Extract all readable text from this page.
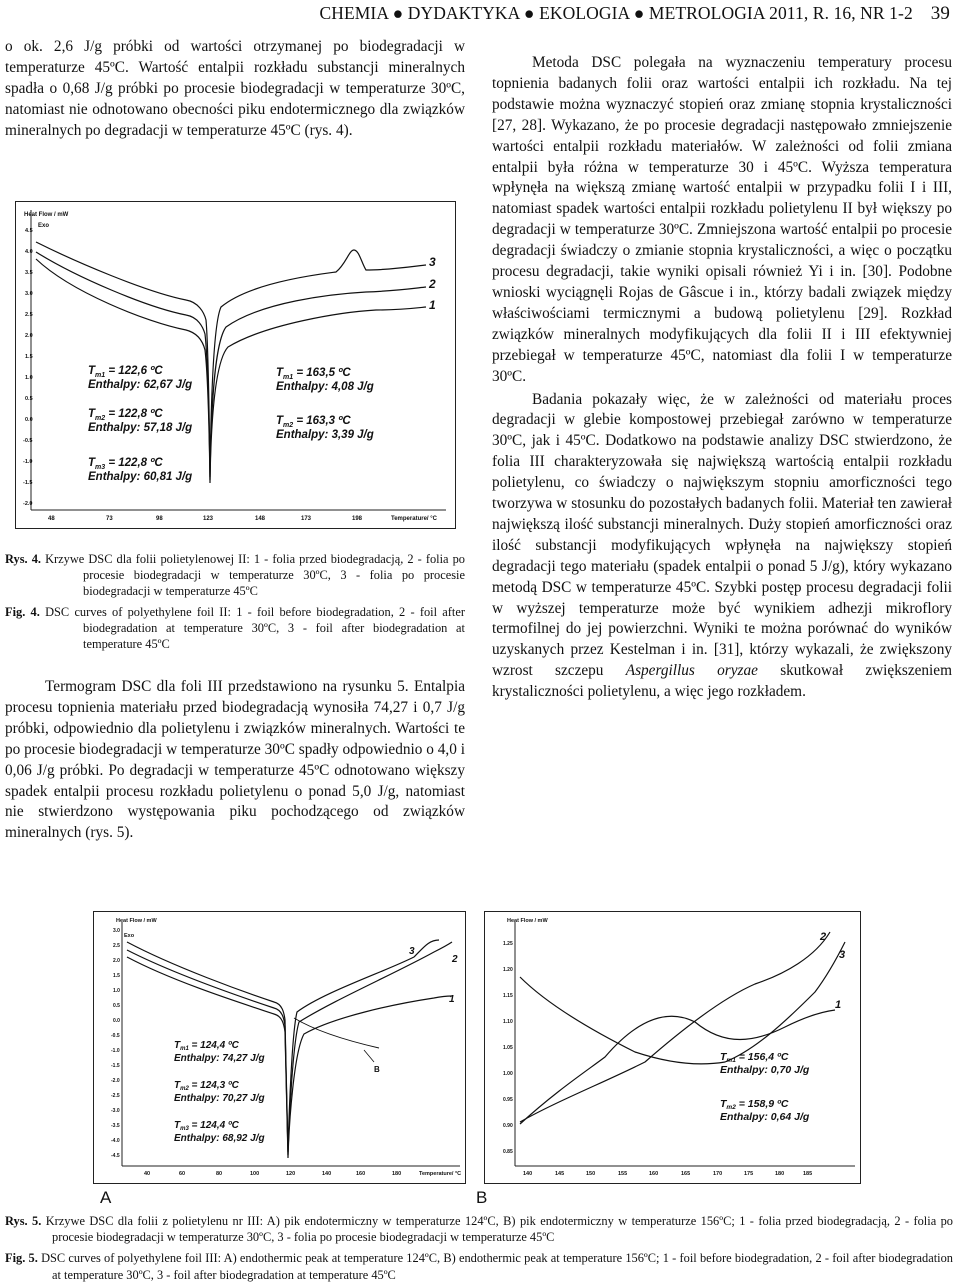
CHEMIA ● DYDAKTYKA ● EKOLOGIA ● METROLOGIA 2011, R. 16, NR 1-2 39

o ok. 2,6 J/g próbki od wartości otrzymanej po biodegradacji w temperaturze 45ºC. Wartość entalpii rozkładu substancji mineralnych spadła o 0,68 J/g próbki po procesie biodegradacji w temperaturze 30ºC, natomiast nie odnotowano obecności piku endotermicznego dla związków mineralnych po degradacji w temperaturze 45ºC (rys. 4).

Heat Flow / mW
Exo
4.5
4.0
3.5
3.0
2.5
2.0
1.5
1.0
0.5
0.0
-0.5
-1.0
-1.5
-2.0
48	73	98	123	148	173	198	Temperature/ °C
3
2
1
$T_{m1} = 122,6$ ºC
Enthalpy: 62,67 J/g
$T_{m2} = 122,8$ ºC
Enthalpy: 57,18 J/g
$T_{m3} = 122,8$ ºC
Enthalpy: 60,81 J/g
$T_{m1} = 163,5$ ºC
Enthalpy: 4,08 J/g
$T_{m2} = 163,3$ ºC
Enthalpy: 3,39 J/g
Rys. 4. Krzywe DSC dla folii polietylenowej II: 1 - folia przed biodegradacją, 2 - folia po procesie biodegradacji w temperaturze 30ºC, 3 - folia po procesie biodegradacji w temperaturze 45ºC
Fig. 4. DSC curves of polyethylene foil II: 1 - foil before biodegradation, 2 - foil after biodegradation at temperature 30ºC, 3 - foil after biodegradation at temperature 45ºC

Termogram DSC dla foli III przedstawiono na rysunku 5. Entalpia procesu topnienia materiału przed biodegradacją wynosiła 74,27 i 0,7 J/g próbki, odpowiednio dla polietylenu i związków mineralnych. Wartości te po procesie biodegradacji w temperaturze 30ºC spadły odpowiednio o 4,0 i 0,06 J/g próbki. Po degradacji w temperaturze 45ºC odnotowano większy spadek entalpii procesu rozkładu polietylenu o ponad 5,0 J/g, natomiast nie stwierdzono występowania piku pochodzącego od związków mineralnych (rys. 5).

Metoda DSC polegała na wyznaczeniu temperatury procesu topnienia badanych folii oraz wartości entalpii ich rozkładu. Na tej podstawie można wyznaczyć stopień oraz zmianę stopnia krystaliczności [27, 28]. Wykazano, że po procesie degradacji następowało zmniejszenie wartości entalpii rozkładu materiałów. W zależności od folii zmiana entalpii była różna w temperaturze 30 i 45ºC. Wyższa temperatura wpłynęła na większą zmianę wartość entalpii w przypadku folii I i III, natomiast spadek wartości entalpii rozkładu polietylenu II był większy po degradacji w temperaturze 30ºC. Zmniejszona wartość entalpii po procesie degradacji świadczy o zmianie stopnia krystaliczności, a więc o początku procesu degradacji, takie wyniki opisali również Yi i in. [30]. Podobne wnioski wyciągnęli Rojas de Gâscue i in., którzy badali związek między właściwościami termicznymi a budową polietylenu [29]. Rozkład związków mineralnych modyfikujących dla folii II i III efektywniej przebiegał w temperaturze 45ºC, natomiast dla folii I w temperaturze 30ºC.

Badania pokazały więc, że w zależności od materiału proces degradacji w glebie kompostowej przebiegał zarówno w temperaturze 30ºC, jak i 45ºC. Dodatkowo na podstawie analizy DSC stwierdzono, że folia III charakteryzowała się największą wartością entalpii rozkładu polietylenu, co świadczy o największym stopniu amorficzności tego tworzywa w stosunku do pozostałych badanych folii. Materiał ten zawierał największą ilość substancji mineralnych. Duży stopień amorficzności oraz ilość substancji modyfikujących wpłynęła na największy stopień degradacji tego materiału (spadek entalpii o ponad 5 J/g), który wykazano metodą DSC w temperaturze 45ºC. Szybki postęp procesu degradacji folii w wyższej temperaturze może być wynikiem adhezji mikroflory termofilnej do jej powierzchni. Wyniki te można porównać do wyników uzyskanych przez Kestelman i in. [31], którzy wykazali, że zwiększony wzrost szczepu Aspergillus oryzae skutkował zwiększeniem krystaliczności polietylenu, a więc jego rozkładem.

Heat Flow / mW
Exo
3.0
2.5
2.0
1.5
1.0
0.5
0.0
-0.5
-1.0
-1.5
-2.0
-2.5
-3.0
-3.5
-4.0
-4.5
40	60	80	100	120	140	160	180	Temperature/ °C
3
2
1
B
$T_{m1} = 124,4$ ºC
Enthalpy: 74,27 J/g
$T_{m2} = 124,3$ ºC
Enthalpy: 70,27 J/g
$T_{m3} = 124,4$ ºC
Enthalpy: 68,92 J/g
Heat Flow / mW
1.25
1.20
1.15
1.10
1.05
1.00
0.95
0.90
0.85
140	145	150	155	160	165	170	175	180	185
2
1
3
Tm1 = 156,4 ºC
Enthalpy: 0,70 J/g
Tm2 = 158,9 ºC
Enthalpy: 0,64 J/g
A	B
Rys. 5. Krzywe DSC dla folii z polietylenu nr III: A) pik endotermiczny w temperaturze 124ºC, B) pik endotermiczny w temperaturze 156ºC; 1 - folia przed biodegradacją, 2 - folia po procesie biodegradacji w temperaturze 30ºC, 3 - folia po procesie biodegradacji w temperaturze 45ºC
Fig. 5. DSC curves of polyethylene foil III: A) endothermic peak at temperature 124ºC, B) endothermic peak at temperature 156ºC; 1 - foil before biodegradation, 2 - foil after biodegradation at temperature 30ºC, 3 - foil after biodegradation at temperature 45ºC
